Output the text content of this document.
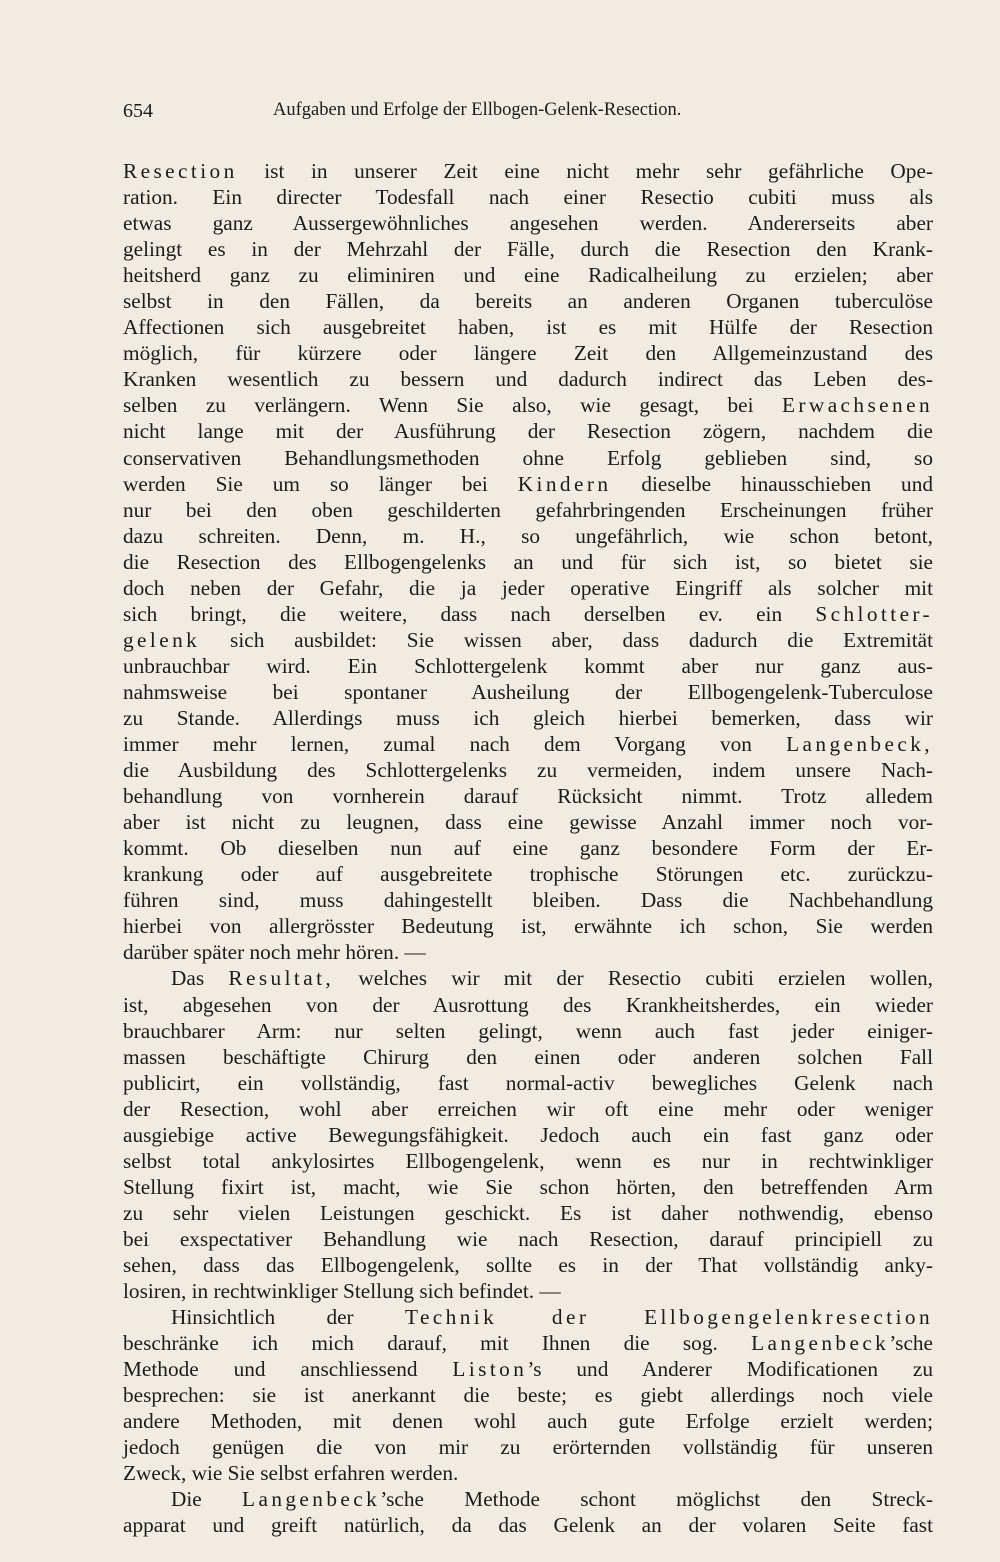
654	Aufgaben und Erfolge der Ellbogen-Gelenk-Resection.
Resection ist in unserer Zeit eine nicht mehr sehr gefährliche Ope-
ration. Ein directer Todesfall nach einer Resectio cubiti muss als
etwas ganz Aussergewöhnliches angesehen werden. Andererseits aber
gelingt es in der Mehrzahl der Fälle, durch die Resection den Krank-
heitsherd ganz zu eliminiren und eine Radicalheilung zu erzielen; aber
selbst in den Fällen, da bereits an anderen Organen tuberculöse
Affectionen sich ausgebreitet haben, ist es mit Hülfe der Resection
möglich, für kürzere oder längere Zeit den Allgemeinzustand des
Kranken wesentlich zu bessern und dadurch indirect das Leben des-
selben zu verlängern. Wenn Sie also, wie gesagt, bei Erwachsenen
nicht lange mit der Ausführung der Resection zögern, nachdem die
conservativen Behandlungsmethoden ohne Erfolg geblieben sind, so
werden Sie um so länger bei Kindern dieselbe hinausschieben und
nur bei den oben geschilderten gefahrbringenden Erscheinungen früher
dazu schreiten. Denn, m. H., so ungefährlich, wie schon betont,
die Resection des Ellbogengelenks an und für sich ist, so bietet sie
doch neben der Gefahr, die ja jeder operative Eingriff als solcher mit
sich bringt, die weitere, dass nach derselben ev. ein Schlotter-
gelenk sich ausbildet: Sie wissen aber, dass dadurch die Extremität
unbrauchbar wird. Ein Schlottergelenk kommt aber nur ganz aus-
nahmsweise bei spontaner Ausheilung der Ellbogengelenk-Tuberculose
zu Stande. Allerdings muss ich gleich hierbei bemerken, dass wir
immer mehr lernen, zumal nach dem Vorgang von Langenbeck,
die Ausbildung des Schlottergelenks zu vermeiden, indem unsere Nach-
behandlung von vornherein darauf Rücksicht nimmt. Trotz alledem
aber ist nicht zu leugnen, dass eine gewisse Anzahl immer noch vor-
kommt. Ob dieselben nun auf eine ganz besondere Form der Er-
krankung oder auf ausgebreitete trophische Störungen etc. zurückzu-
führen sind, muss dahingestellt bleiben. Dass die Nachbehandlung
hierbei von allergrösster Bedeutung ist, erwähnte ich schon, Sie werden
darüber später noch mehr hören. —
Das Resultat, welches wir mit der Resectio cubiti erzielen wollen,
ist, abgesehen von der Ausrottung des Krankheitsherdes, ein wieder
brauchbarer Arm: nur selten gelingt, wenn auch fast jeder einiger-
massen beschäftigte Chirurg den einen oder anderen solchen Fall
publicirt, ein vollständig, fast normal-activ bewegliches Gelenk nach
der Resection, wohl aber erreichen wir oft eine mehr oder weniger
ausgiebige active Bewegungsfähigkeit. Jedoch auch ein fast ganz oder
selbst total ankylosirtes Ellbogengelenk, wenn es nur in rechtwinkliger
Stellung fixirt ist, macht, wie Sie schon hörten, den betreffenden Arm
zu sehr vielen Leistungen geschickt. Es ist daher nothwendig, ebenso
bei exspectativer Behandlung wie nach Resection, darauf principiell zu
sehen, dass das Ellbogengelenk, sollte es in der That vollständig anky-
losiren, in rechtwinkliger Stellung sich befindet. —
Hinsichtlich der Technik der Ellbogengelenkresection
beschränke ich mich darauf, mit Ihnen die sog. Langenbeck’sche
Methode und anschliessend Liston’s und Anderer Modificationen zu
besprechen: sie ist anerkannt die beste; es giebt allerdings noch viele
andere Methoden, mit denen wohl auch gute Erfolge erzielt werden;
jedoch genügen die von mir zu erörternden vollständig für unseren
Zweck, wie Sie selbst erfahren werden.
Die Langenbeck’sche Methode schont möglichst den Streck-
apparat und greift natürlich, da das Gelenk an der volaren Seite fast
